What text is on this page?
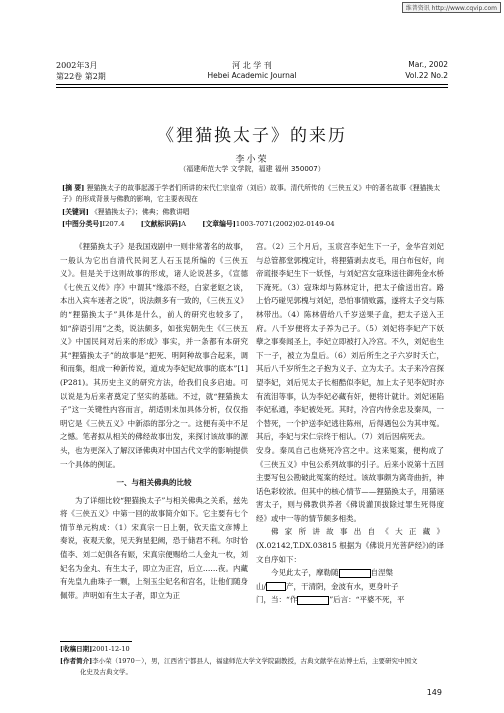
维普资讯 http://www.cqvip.com
2002年3月	河 北 学 刊	Mar., 2002
第22卷 第2期	Hebei Academic Journal	Vol.22 No.2
《狸猫换太子》的来历
李小荣
（福建师范大学 文学院，福建 福州 350007）
[摘 要] 狸猫换太子的故事起源于学者们所讲的宋代仁宗皇帝（刘后）故事。清代所传的《三侠五义》中的著名故事《狸猫换太子》的形成背景与佛教的影响，它主要表现在
[关键词] 《狸猫换太子》；佛典；佛教讲唱
[中图分类号]I207.4 [文献标识码]A [文章编号]1003-7071(2002)02-0149-04

《狸猫换太子》是我国戏剧中一则非常著名的故事，一般认为它出自清代民间艺人石玉昆所编的《三侠五义》。但是关于这则故事的形成，诸人论说甚多，《宣德《七侠五义传》序》中谓其“缘添不经，白家老妪之谈，本出入宾车迷者之说”，说法颇多有一致的，《三侠五义》的“狸猫换太子”具体是什么，前人的研究也较多了，如“辞语引用”之类，说法颇多，如张宪朝先生《《三侠五义》中国民间对后来的形成》事实，并一条都有本研究其“狸猫换太子”的故事是“把死、明阿种故事合起来，调和而集，组成一种新传说，道成为李妃妃故事的底本”[1](P281)。其历史主义的研究方法，给我们良多启迪。可以说是为后来者奠定了坚实的基础。不过，就“狸猫换太子”这一关键性内容而言，胡适则未加具体分析，仅仅指明它是《三侠五义》中新添的部分之一。这便有美中不足之憾。笔者拟从相关的佛经故事出发，来探讨该故事的源头，也为更深入了解汉译佛典对中国古代文学的影响提供一个具体的例证。

一、与相关佛典的比较

为了详细比较“狸猫换太子”与相关佛典之关系，兹先将《三侠五义》中第一回的故事简介如下。它主要有七个情节单元构成：（1）宋真宗一日上朝，钦天监文彦博上奏说，夜观天象，见天狗星犯阙，恐于储君不利。尔时恰值李、刘二妃俱各有娠，宋真宗便赐给二人金丸一枚，刘妃名为金丸、有生太子，即立为正宫，后立……夜。内藏有先皇九曲珠子一颗，上刻玉尘妃名和宫名，让他们随身佩带。声明如有生太子者，即立为正

宫。（2）三个月后，玉宸宫李妃生下一子，金华宫刘妃与总管都堂郭槐定计，将狸猫剥去皮毛，用白布包好，向帝谎报李妃生下一妖怪，与刘妃宫女寇珠送往御苑金水桥下淹死。（3）寇珠却与陈林定计，把太子偷送出宫。路上恰巧碰见郭槐与刘妃，恐怕事情败露，遂将太子交与陈林带出。（4）陈林借给八千岁送果子盒，把太子送入王府。八千岁便将太子养为己子。（5）刘妃将李妃产下妖孽之事奏闻圣上，李妃立即被打入冷宫。不久，刘妃也生下一子，被立为皇后。（6）刘后所生之子六岁时夭亡，其后八千岁所生之子抱为义子、立为太子。太子来冷宫探望李妃，刘后见太子长相酷似李妃，加上太子见李妃时亦有流泪等事，认为李妃必藏有奸，便将计就计。刘妃诬陷李妃私通，李妃被处死。其时，冷宫内侍余忠及秦凤，一个替死，一个护送李妃逃往陈州，后得遇包公为其申冤。其后，李妃与宋仁宗终于相认。（7）刘后因病死去。

安身。秦凤自己也烧死冷宫之中。这来冤案，便构成了《三侠五义》中包公系列故事的引子。后来小说第十五回主要写包公勘破此冤案的经过。该故事颇为离奇曲折，神话色彩较浓。但其中的核心情节——狸猫换太子，用猫诬害太子，则与佛教供养者《佛说灌顶拔除过罪生死得度经》或中一等的情节颇多相类。

佛家所讲故事出自《大正藏》(X.02142,T.DX.03815 根据为《佛说月光菩萨经》)的译文自序如下：

今见此太子，摩勒随	自涅槃

山/	产，干清阴，金波有水，更身叶子

门，当：“作	”后言：“平婆不死，平

[收稿日期]2001-12-10
[作者简介]李小荣（1970－），男，江西省宁都县人，福建师范大学文学院副教授，古典文献学在站博士后，主要研究中国文
化史及古典文学。
149
